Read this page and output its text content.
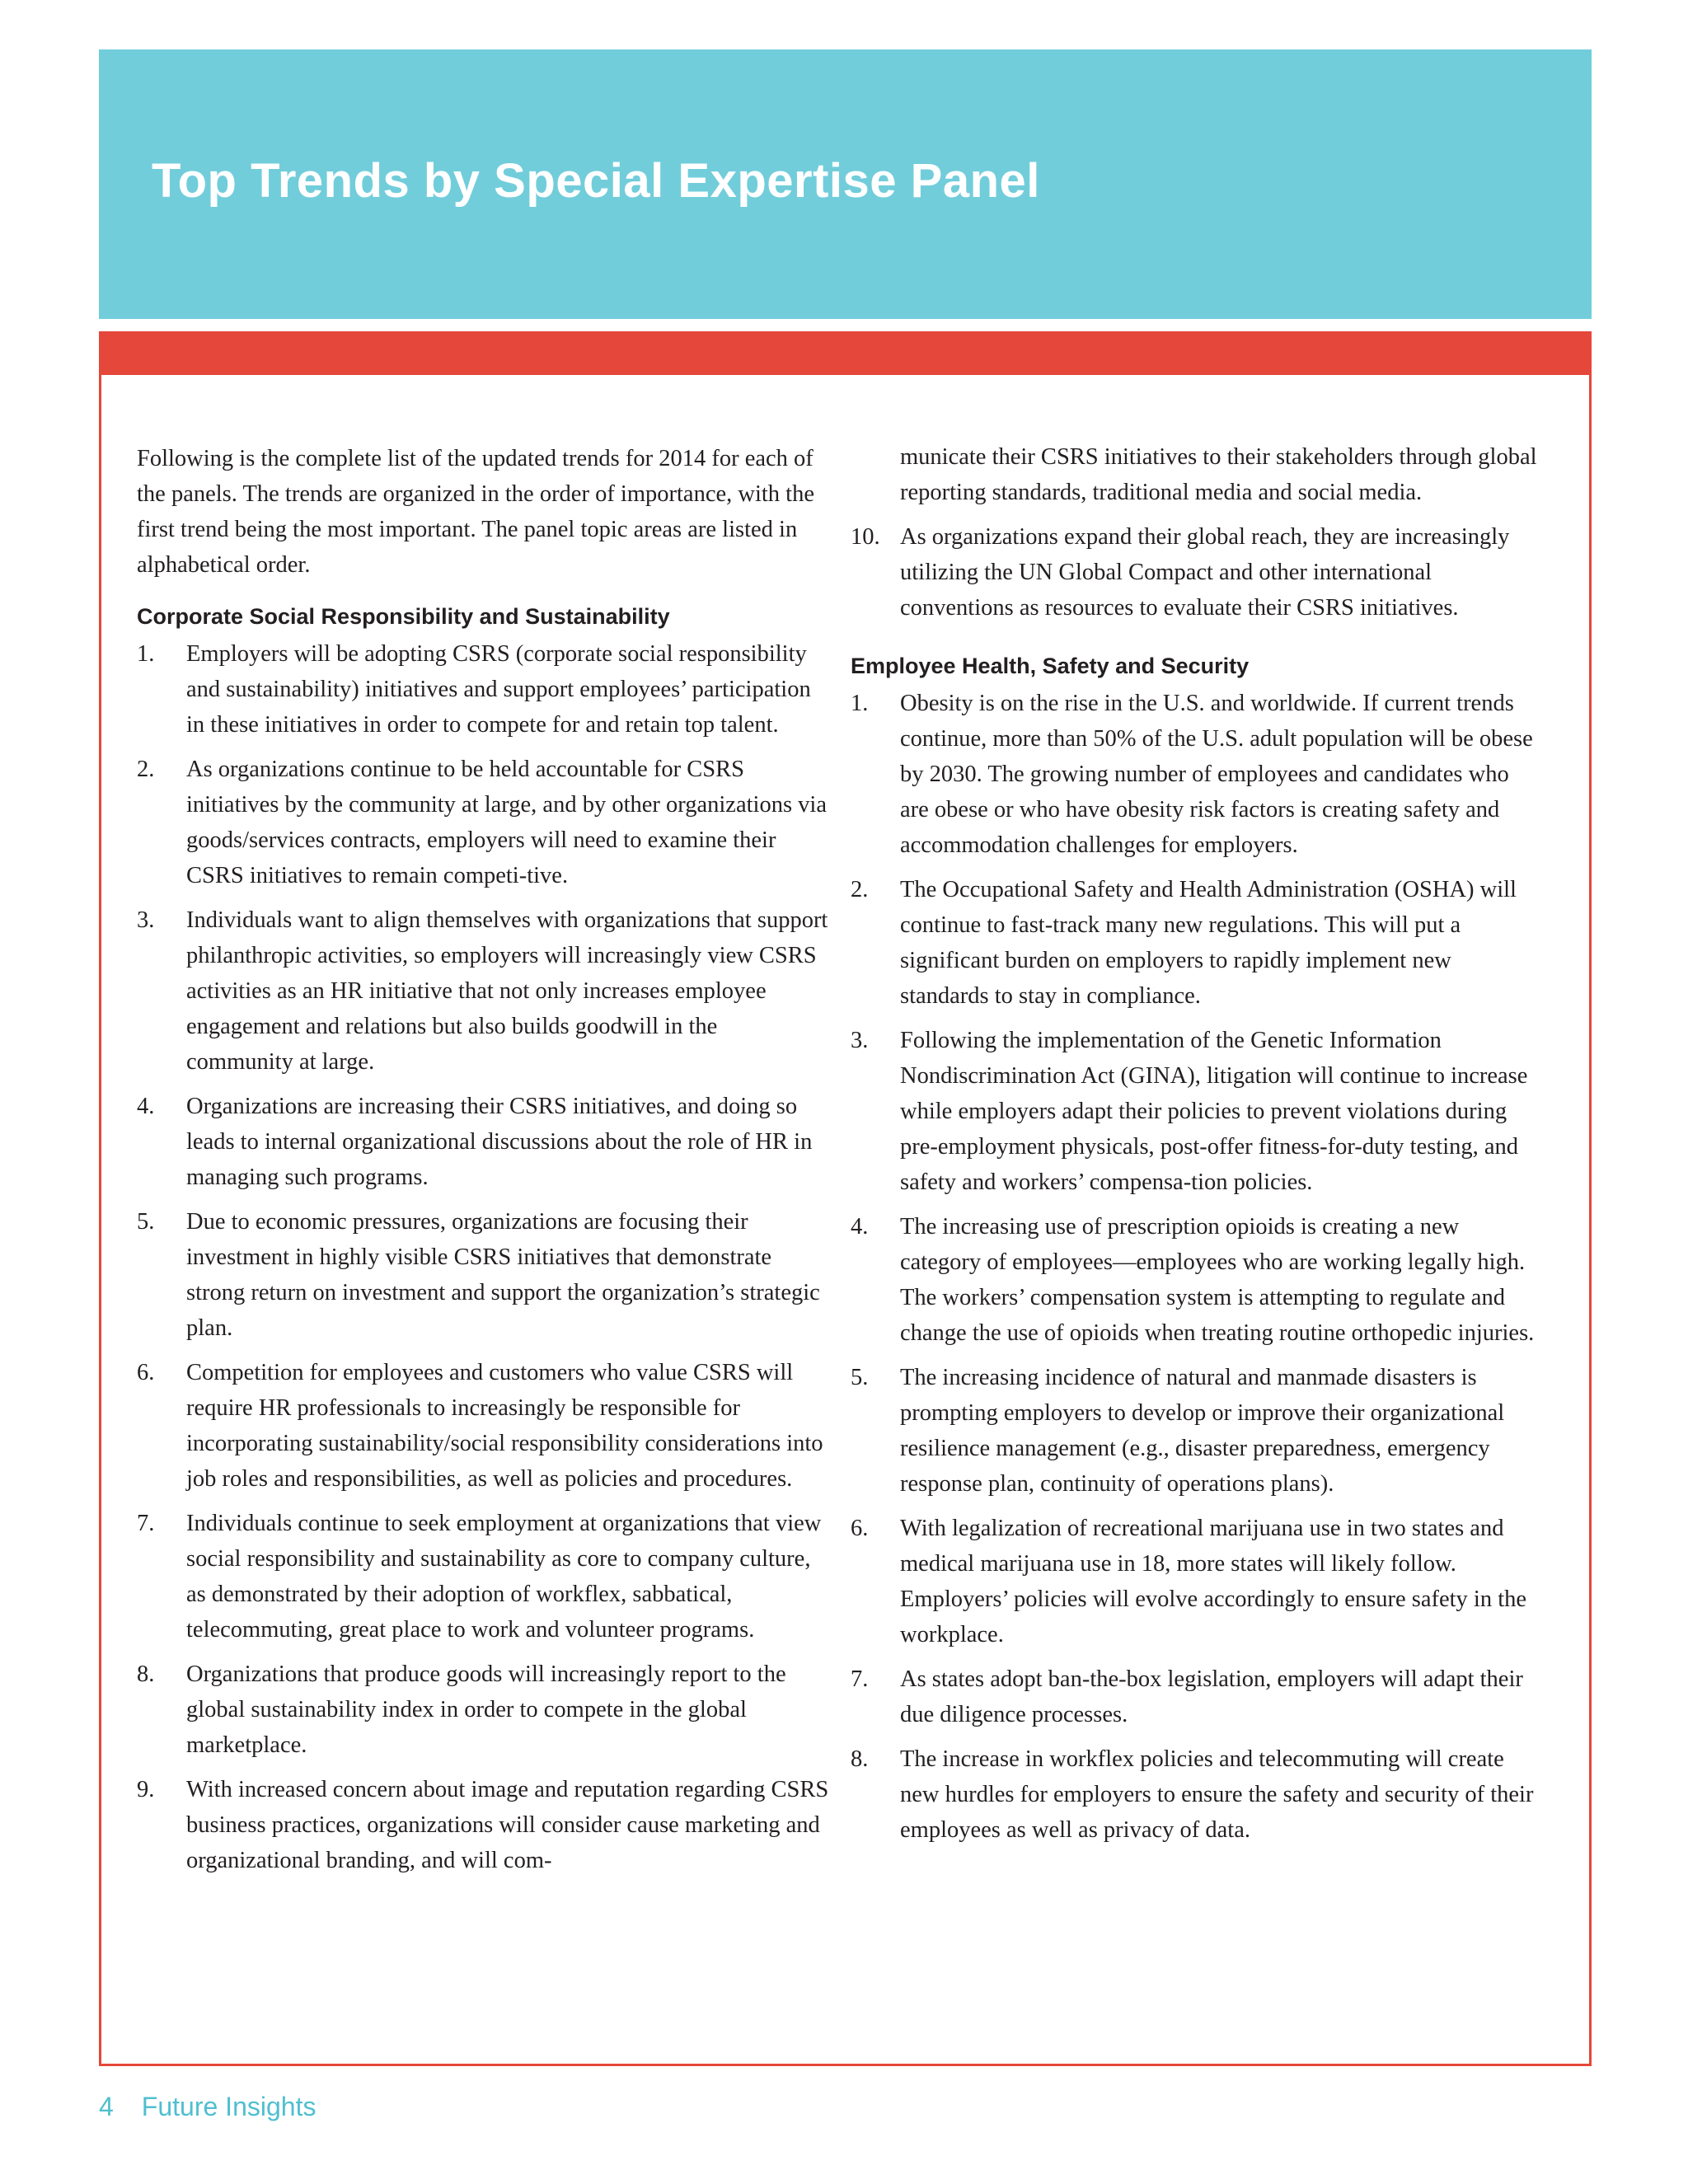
Top Trends by Special Expertise Panel

Following is the complete list of the updated trends for 2014 for each of the panels. The trends are organized in the order of importance, with the first trend being the most important. The panel topic areas are listed in alphabetical order.

Corporate Social Responsibility and Sustainability
1. Employers will be adopting CSRS (corporate social responsibility and sustainability) initiatives and support employees’ participation in these initiatives in order to compete for and retain top talent.
2. As organizations continue to be held accountable for CSRS initiatives by the community at large, and by other organizations via goods/services contracts, employers will need to examine their CSRS initiatives to remain competi-tive.
3. Individuals want to align themselves with organizations that support philanthropic activities, so employers will increasingly view CSRS activities as an HR initiative that not only increases employee engagement and relations but also builds goodwill in the community at large.
4. Organizations are increasing their CSRS initiatives, and doing so leads to internal organizational discussions about the role of HR in managing such programs.
5. Due to economic pressures, organizations are focusing their investment in highly visible CSRS initiatives that demonstrate strong return on investment and support the organization’s strategic plan.
6. Competition for employees and customers who value CSRS will require HR professionals to increasingly be responsible for incorporating sustainability/social responsibility considerations into job roles and responsibilities, as well as policies and procedures.
7. Individuals continue to seek employment at organizations that view social responsibility and sustainability as core to company culture, as demonstrated by their adoption of workflex, sabbatical, telecommuting, great place to work and volunteer programs.
8. Organizations that produce goods will increasingly report to the global sustainability index in order to compete in the global marketplace.
9. With increased concern about image and reputation regarding CSRS business practices, organizations will consider cause marketing and organizational branding, and will com-
municate their CSRS initiatives to their stakeholders through global reporting standards, traditional media and social media.
10. As organizations expand their global reach, they are increasingly utilizing the UN Global Compact and other international conventions as resources to evaluate their CSRS initiatives.
Employee Health, Safety and Security
1. Obesity is on the rise in the U.S. and worldwide. If current trends continue, more than 50% of the U.S. adult population will be obese by 2030. The growing number of employees and candidates who are obese or who have obesity risk factors is creating safety and accommodation challenges for employers.
2. The Occupational Safety and Health Administration (OSHA) will continue to fast-track many new regulations. This will put a significant burden on employers to rapidly implement new standards to stay in compliance.
3. Following the implementation of the Genetic Information Nondiscrimination Act (GINA), litigation will continue to increase while employers adapt their policies to prevent violations during pre-employment physicals, post-offer fitness-for-duty testing, and safety and workers’ compensa-tion policies.
4. The increasing use of prescription opioids is creating a new category of employees—employees who are working legally high. The workers’ compensation system is attempting to regulate and change the use of opioids when treating routine orthopedic injuries.
5. The increasing incidence of natural and manmade disasters is prompting employers to develop or improve their organizational resilience management (e.g., disaster preparedness, emergency response plan, continuity of operations plans).
6. With legalization of recreational marijuana use in two states and medical marijuana use in 18, more states will likely follow. Employers’ policies will evolve accordingly to ensure safety in the workplace.
7. As states adopt ban-the-box legislation, employers will adapt their due diligence processes.
8. The increase in workflex policies and telecommuting will create new hurdles for employers to ensure the safety and security of their employees as well as privacy of data.
4 Future Insights
